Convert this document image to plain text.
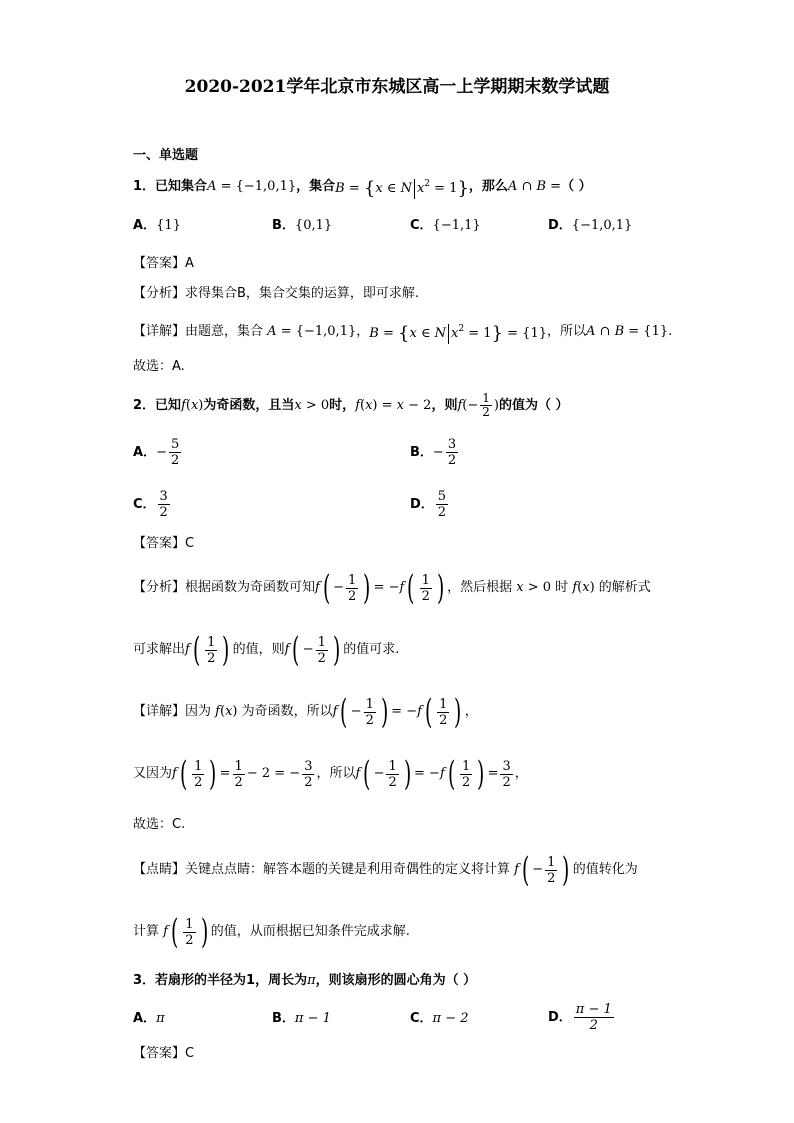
2020-2021学年北京市东城区高一上学期期末数学试题
一、单选题
1． 已知集合 A = {−1,0,1} ，集合 B = {x ∈ N $x^2 = 1$} ，那么 A ∩ B = （ ）
A．{1}	B．{0,1}	C．{−1,1}	D．{−1,0,1}
【答案】A
【分析】求得集合B，集合交集的运算，即可求解.
【详解】 由题意，集合 A = {−1,0,1} ， B = {x ∈ N $x^2 = 1\} = \{1\}$ ，所以 A ∩ B = {1}.
故选：A.
2． 已知 f(x) 为奇函数，且当 x > 0 时， f(x) = x − 2 ，则 $f(- \frac{1}{2}$ ) 的值为（ ）
A． − $\frac{5}{2}$	B． − $\frac{3}{2}$
C． $\frac{3}{2}$	D． $\frac{5}{2}$
【答案】C
【分析】 根据函数为奇函数可知 f ( − $\frac{1}{2}$ ) = −f ( $\frac{1}{2}$ ) ，然后根据 x > 0 时 f(x) 的解析式
可求解出 f ( $\frac{1}{2}$ ) 的值，则 f ( − $\frac{1}{2}$ ) 的值可求.
【详解】 因为 f(x) 为奇函数，所以 f ( − $\frac{1}{2}$ ) = −f ( $\frac{1}{2}$ ) ，
又因为 f ( $\frac{1}{2}$ ) = $\frac{1}{2} - 2$ = − $\frac{3}{2}$ ，所以 f ( − $\frac{1}{2}$ ) = −f ( $\frac{1}{2}$ ) = $\frac{3}{2}$ ，
故选：C.
【点睛】 关键点点睛：解答本题的关键是利用奇偶性的定义将计算 f ( − $\frac{1}{2}$ ) 的值转化为
计算 f ( $\frac{1}{2}$ ) 的值，从而根据已知条件完成求解.
3．若扇形的半径为1，周长为π，则该扇形的圆心角为（ ）
A．π	B．π − 1	C．π − 2	D． $\frac{\pi - 1}{2}$
【答案】C
